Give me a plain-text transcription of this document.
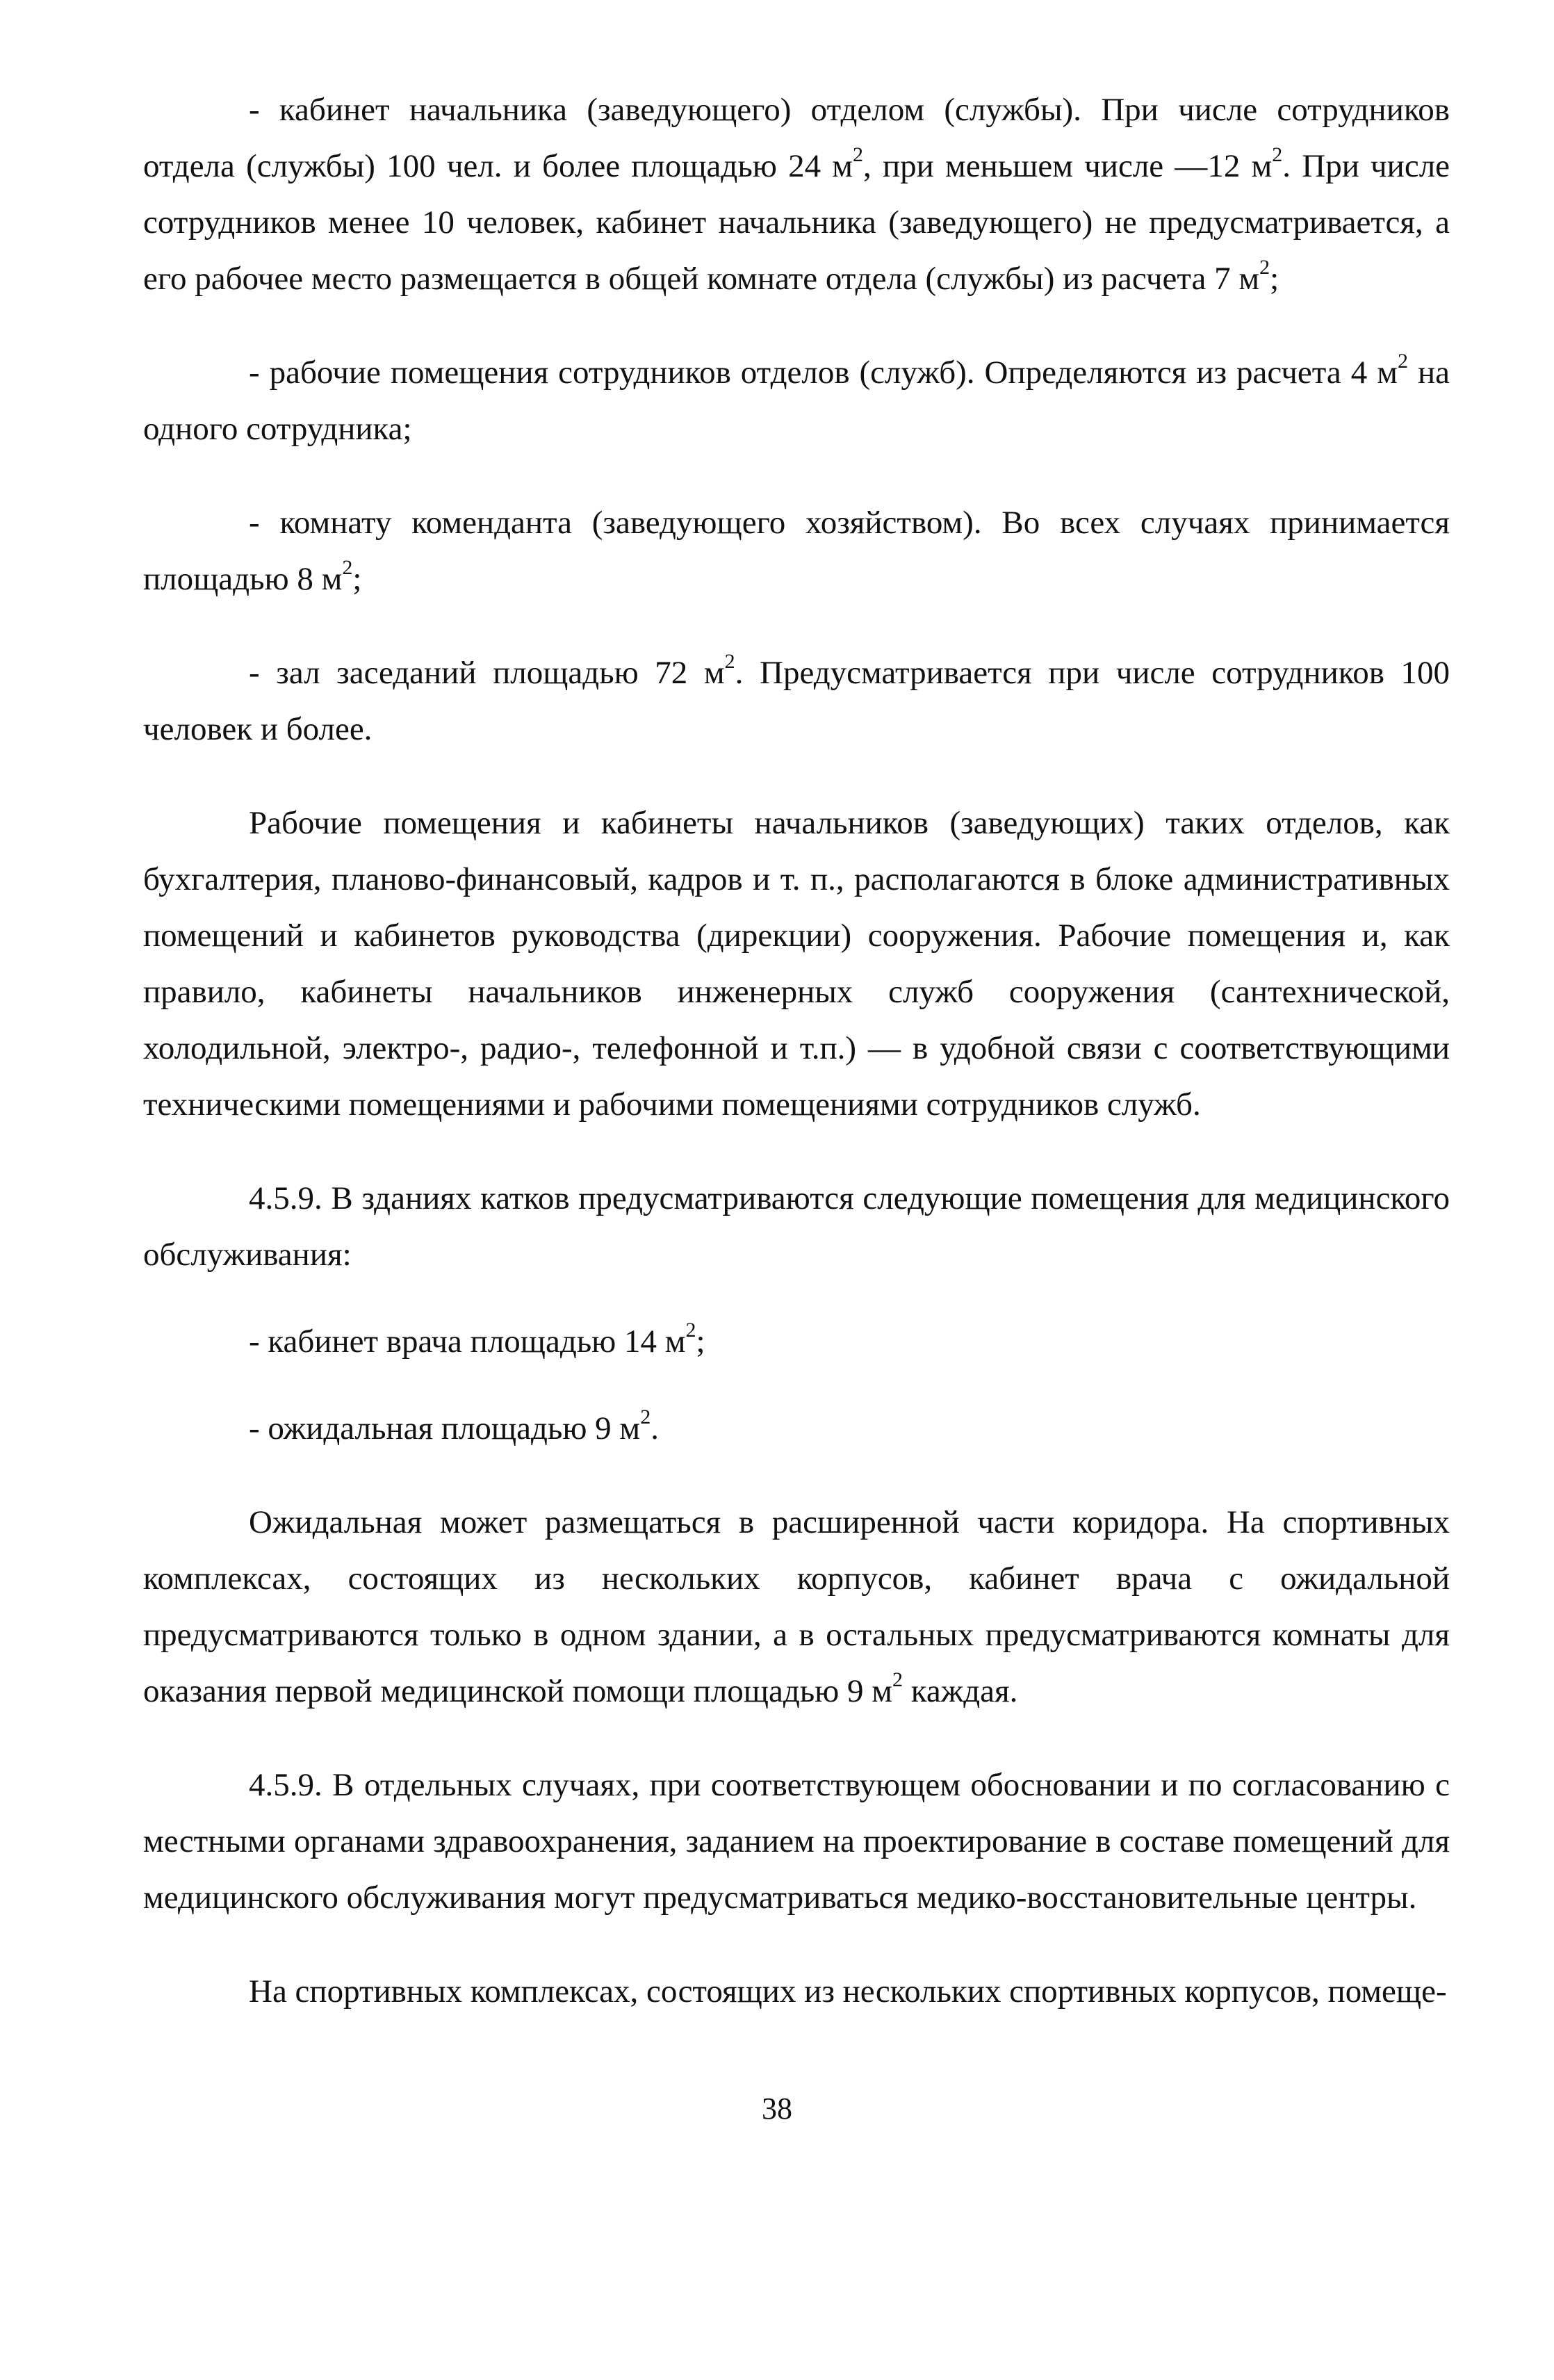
- кабинет начальника (заведующего) отделом (службы). При числе сотрудников отдела (службы) 100 чел. и более площадью 24 $м^2$, при меньшем числе —12 $м^2$. При числе сотрудников менее 10 человек, кабинет начальника (заведующего) не предусматривается, а его рабочее место размещается в общей комнате отдела (службы) из расчета 7 $м^2$;

- рабочие помещения сотрудников отделов (служб). Определяются из расчета 4 $м^2$ на одного сотрудника;

- комнату коменданта (заведующего хозяйством). Во всех случаях принимается площадью 8 $м^2$;

- зал заседаний площадью 72 $м^2$. Предусматривается при числе сотрудников 100 человек и более.

Рабочие помещения и кабинеты начальников (заведующих) таких отделов, как бухгалтерия, планово-финансовый, кадров и т. п., располагаются в блоке административных помещений и кабинетов руководства (дирекции) сооружения. Рабочие помещения и, как правило, кабинеты начальников инженерных служб сооружения (сантехнической, холодильной, электро-, радио-, телефонной и т.п.) — в удобной связи с соответствующими техническими помещениями и рабочими помещениями сотрудников служб.

4.5.9. В зданиях катков предусматриваются следующие помещения для медицинского обслуживания:

- кабинет врача площадью 14 $м^2$;

- ожидальная площадью 9 $м^2$.

Ожидальная может размещаться в расширенной части коридора. На спортивных комплексах, состоящих из нескольких корпусов, кабинет врача с ожидальной предусматриваются только в одном здании, а в остальных предусматриваются комнаты для оказания первой медицинской помощи площадью 9 $м^2$ каждая.

4.5.9. В отдельных случаях, при соответствующем обосновании и по согласованию с местными органами здравоохранения, заданием на проектирование в составе помещений для медицинского обслуживания могут предусматриваться медико-восстановительные центры.

На спортивных комплексах, состоящих из нескольких спортивных корпусов, помеще-

38
